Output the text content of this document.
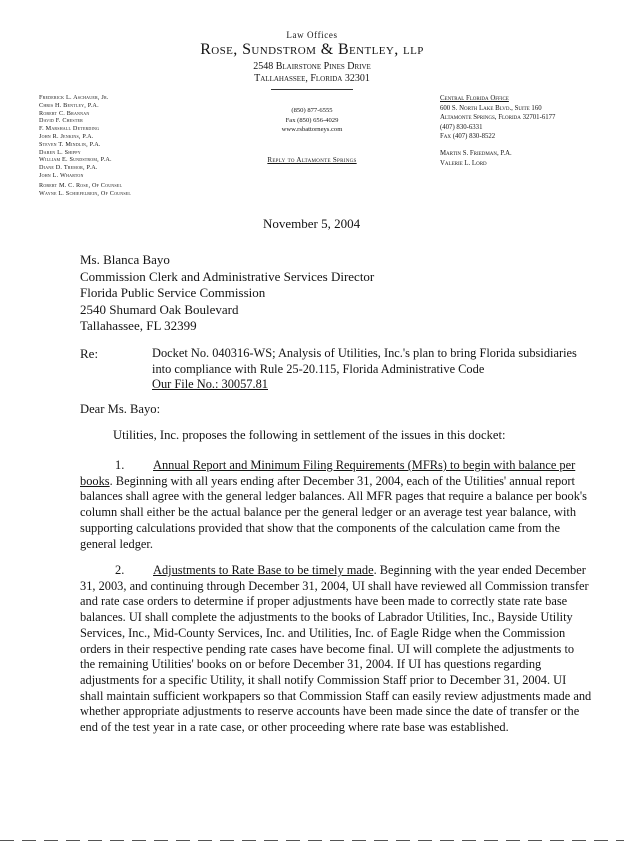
Law Offices
Rose, Sundstrom & Bentley, llp
2548 Blairstone Pines Drive
Tallahassee, Florida 32301
Frederick L. Aschauer, Jr.
Chris H. Bentley, P.A.
Robert C. Brannan
David F. Chester
F. Marshall Deterding
John R. Jenkins, P.A.
Steven T. Mindlin, P.A.
Daren L. Shippy
William E. Sundstrom, P.A.
Diane D. Tremor, P.A.
John L. Wharton
Robert M. C. Rose, Of Counsel
Wayne L. Schiefelbein, Of Counsel
(850) 877-6555
Fax (850) 656-4029
www.rsbattorneys.com
Reply to Altamonte Springs
Central Florida Office
600 S. North Lake Blvd., Suite 160
Altamonte Springs, Florida 32701-6177
(407) 830-6331
Fax (407) 830-8522
Martin S. Friedman, P.A.
Valerie L. Lord
November 5, 2004
Ms. Blanca Bayo
Commission Clerk and Administrative Services Director
Florida Public Service Commission
2540 Shumard Oak Boulevard
Tallahassee, FL 32399
Re:	Docket No. 040316-WS; Analysis of Utilities, Inc.'s plan to bring Florida subsidiaries into compliance with Rule 25-20.115, Florida Administrative Code
Our File No.: 30057.81
Dear Ms. Bayo:
Utilities, Inc. proposes the following in settlement of the issues in this docket:
1. Annual Report and Minimum Filing Requirements (MFRs) to begin with balance per books. Beginning with all years ending after December 31, 2004, each of the Utilities' annual report balances shall agree with the general ledger balances. All MFR pages that require a balance per book's column shall either be the actual balance per the general ledger or an average test year balance, with supporting calculations provided that show that the components of the calculation came from the general ledger.
2. Adjustments to Rate Base to be timely made. Beginning with the year ended December 31, 2003, and continuing through December 31, 2004, UI shall have reviewed all Commission transfer and rate case orders to determine if proper adjustments have been made to correctly state rate base balances. UI shall complete the adjustments to the books of Labrador Utilities, Inc., Bayside Utility Services, Inc., Mid-County Services, Inc. and Utilities, Inc. of Eagle Ridge when the Commission orders in their respective pending rate cases have become final. UI will complete the adjustments to the remaining Utilities' books on or before December 31, 2004. If UI has questions regarding adjustments for a specific Utility, it shall notify Commission Staff prior to December 31, 2004. UI shall maintain sufficient workpapers so that Commission Staff can easily review adjustments made and whether appropriate adjustments to reserve accounts have been made since the date of transfer or the end of the test year in a rate case, or other proceeding where rate base was established.
